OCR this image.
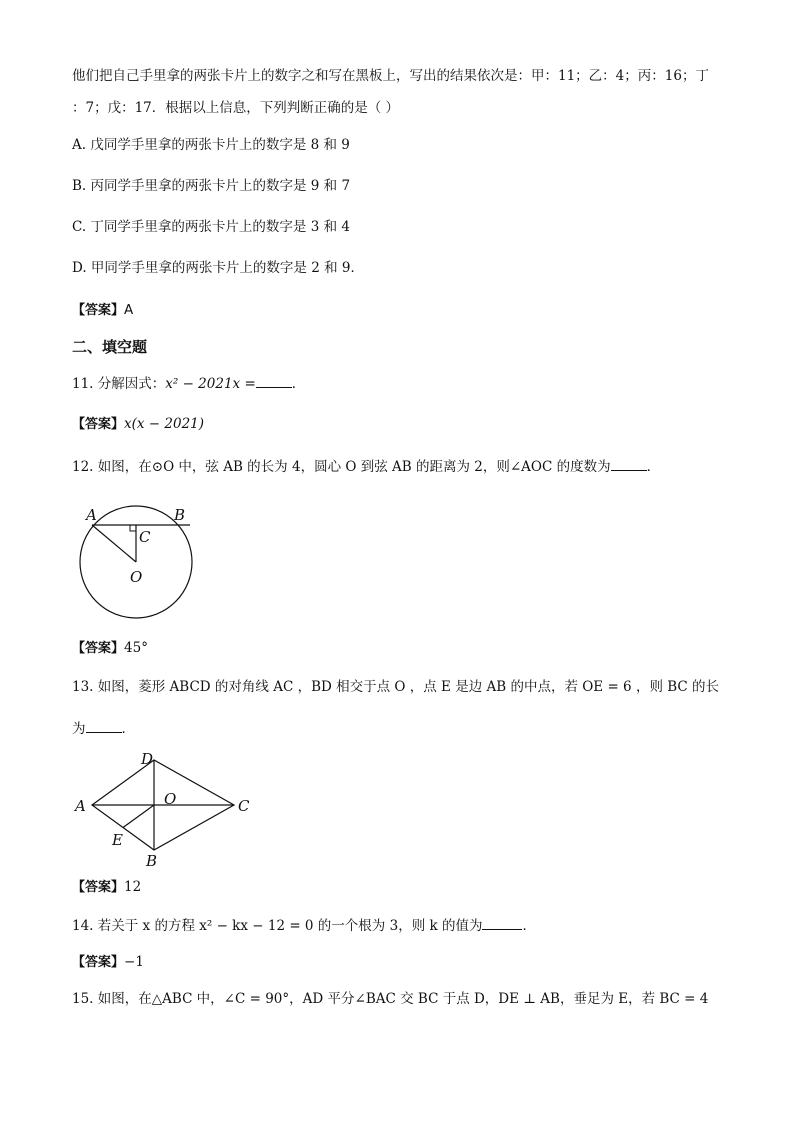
他们把自己手里拿的两张卡片上的数字之和写在黑板上，写出的结果依次是：甲：11；乙：4；丙：16；丁
：7；戊：17．根据以上信息，下列判断正确的是（ ）
A. 戊同学手里拿的两张卡片上的数字是 8 和 9
B. 丙同学手里拿的两张卡片上的数字是 9 和 7
C. 丁同学手里拿的两张卡片上的数字是 3 和 4
D. 甲同学手里拿的两张卡片上的数字是 2 和 9．
【答案】A
二、填空题
11. 分解因式：x² − 2021x =	．
【答案】x(x − 2021)
12. 如图，在⊙O 中，弦 AB 的长为 4，圆心 O 到弦 AB 的距离为 2，则∠AOC 的度数为	．
A	B
C
O
【答案】45°
13. 如图，菱形 ABCD 的对角线 AC ，BD 相交于点 O ，点 E 是边 AB 的中点，若 OE = 6 ，则 BC 的长
为	．
A
D
O	C
E
B
【答案】12
14. 若关于 x 的方程 x² − kx − 12 = 0 的一个根为 3，则 k 的值为	．
【答案】−1
15. 如图，在△ABC 中，∠C = 90°，AD 平分∠BAC 交 BC 于点 D，DE ⊥ AB，垂足为 E，若 BC = 4
